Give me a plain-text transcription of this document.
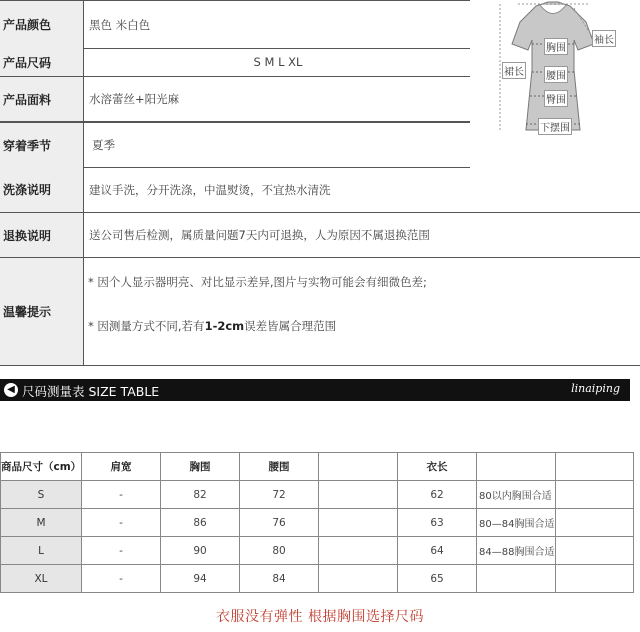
产品颜色	黑色 米白色
产品尺码	S M L XL
产品面料	水溶蕾丝+阳光麻
穿着季节	夏季
洗涤说明	建议手洗，分开洗涤，中温熨烫，不宜热水清洗
退换说明	送公司售后检测，属质量问题7天内可退换，人为原因不属退换范围
温馨提示
* 因个人显示器明亮、对比显示差异,图片与实物可能会有细微色差;
* 因测量方式不同,若有1-2cm误差皆属合理范围
袖长
胸围
腰围
臀围
下摆围
裙长
◀ 尺码测量表 SIZE TABLE	linaiping
商品尺寸（cm）	肩宽	胸围	腰围		衣长		
S	-	82	72		62	80以内胸围合适	
M	-	86	76		63	80—84胸围合适	
L	-	90	80		64	84—88胸围合适	
XL	-	94	84		65		
衣服没有弹性 根据胸围选择尺码
